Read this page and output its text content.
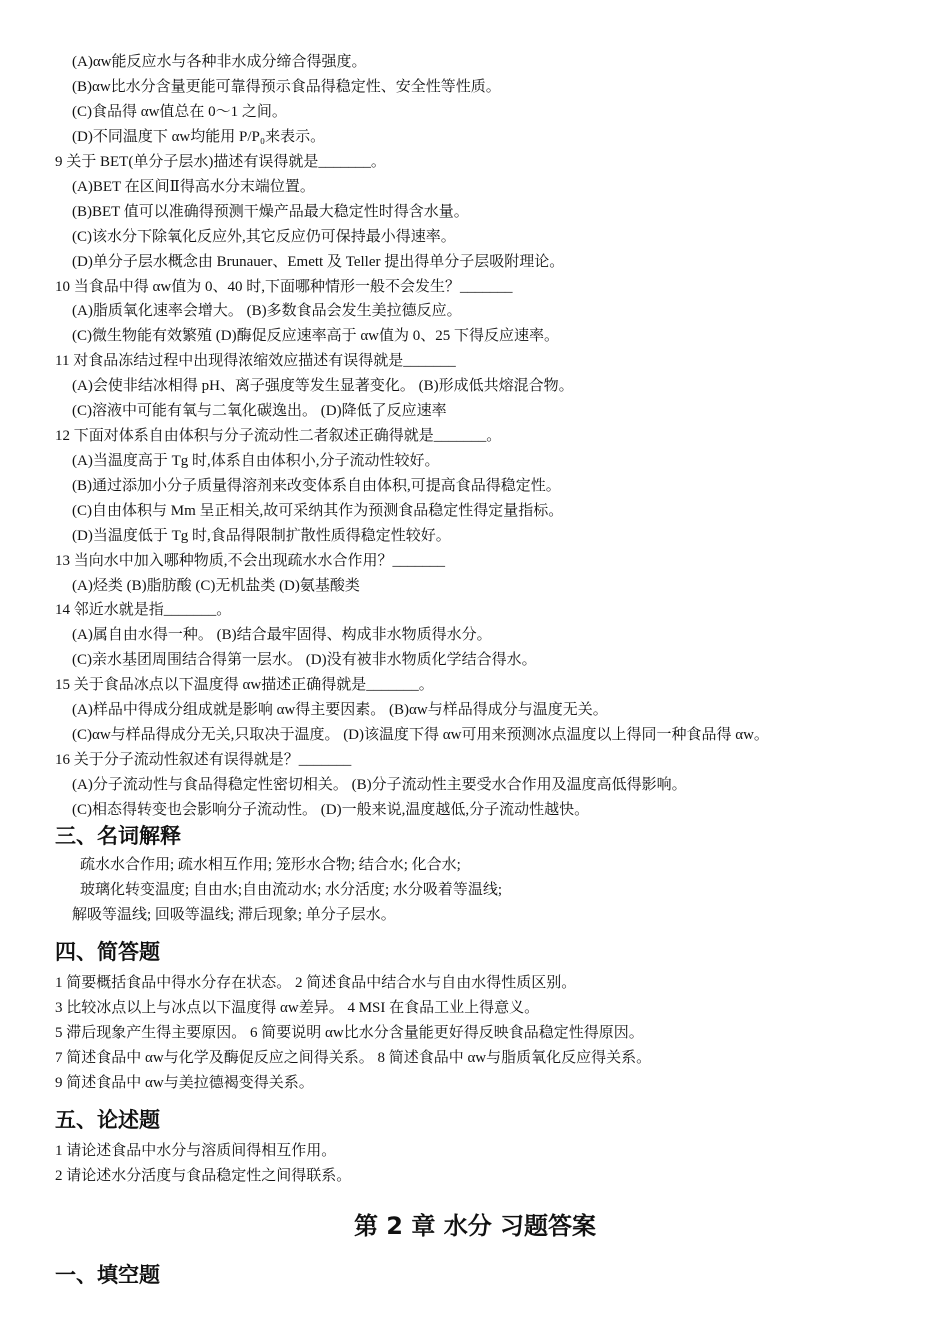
(A)αw能反应水与各种非水成分缔合得强度。
(B)αw比水分含量更能可靠得预示食品得稳定性、安全性等性质。
(C)食品得 αw值总在 0～1 之间。
(D)不同温度下 αw均能用 P/P₀来表示。
9 关于 BET(单分子层水)描述有误得就是_______。
(A)BET 在区间Ⅱ得高水分末端位置。
(B)BET 值可以准确得预测干燥产品最大稳定性时得含水量。
(C)该水分下除氧化反应外,其它反应仍可保持最小得速率。
(D)单分子层水概念由 Brunauer、Emett 及 Teller 提出得单分子层吸附理论。
10 当食品中得 αw值为 0、40 时,下面哪种情形一般不会发生？_______
(A)脂质氧化速率会增大。 (B)多数食品会发生美拉德反应。
(C)微生物能有效繁殖 (D)酶促反应速率高于 αw值为 0、25 下得反应速率。
11 对食品冻结过程中出现得浓缩效应描述有误得就是_______
(A)会使非结冰相得 pH、离子强度等发生显著变化。 (B)形成低共熔混合物。
(C)溶液中可能有氧与二氧化碳逸出。 (D)降低了反应速率
12 下面对体系自由体积与分子流动性二者叙述正确得就是_______。
(A)当温度高于 Tg 时,体系自由体积小,分子流动性较好。
(B)通过添加小分子质量得溶剂来改变体系自由体积,可提高食品得稳定性。
(C)自由体积与 Mm 呈正相关,故可采纳其作为预测食品稳定性得定量指标。
(D)当温度低于 Tg 时,食品得限制扩散性质得稳定性较好。
13 当向水中加入哪种物质,不会出现疏水水合作用？_______
(A)烃类 (B)脂肪酸 (C)无机盐类 (D)氨基酸类
14 邻近水就是指_______。
(A)属自由水得一种。 (B)结合最牢固得、构成非水物质得水分。
(C)亲水基团周围结合得第一层水。 (D)没有被非水物质化学结合得水。
15 关于食品冰点以下温度得 αw描述正确得就是_______。
(A)样品中得成分组成就是影响 αw得主要因素。 (B)αw与样品得成分与温度无关。
(C)αw与样品得成分无关,只取决于温度。 (D)该温度下得 αw可用来预测冰点温度以上得同一种食品得 αw。
16 关于分子流动性叙述有误得就是？_______
(A)分子流动性与食品得稳定性密切相关。 (B)分子流动性主要受水合作用及温度高低得影响。
(C)相态得转变也会影响分子流动性。 (D)一般来说,温度越低,分子流动性越快。
三、名词解释
疏水水合作用; 疏水相互作用; 笼形水合物; 结合水; 化合水;
玻璃化转变温度; 自由水;自由流动水; 水分活度; 水分吸着等温线;
解吸等温线; 回吸等温线; 滞后现象; 单分子层水。
四、简答题
1 简要概括食品中得水分存在状态。 2 简述食品中结合水与自由水得性质区别。
3 比较冰点以上与冰点以下温度得 αw差异。 4 MSI 在食品工业上得意义。
5 滞后现象产生得主要原因。 6 简要说明 αw比水分含量能更好得反映食品稳定性得原因。
7 简述食品中 αw与化学及酶促反应之间得关系。 8 简述食品中 αw与脂质氧化反应得关系。
9 简述食品中 αw与美拉德褐变得关系。
五、论述题
1 请论述食品中水分与溶质间得相互作用。
2 请论述水分活度与食品稳定性之间得联系。
第 2 章 水分 习题答案
一、填空题
